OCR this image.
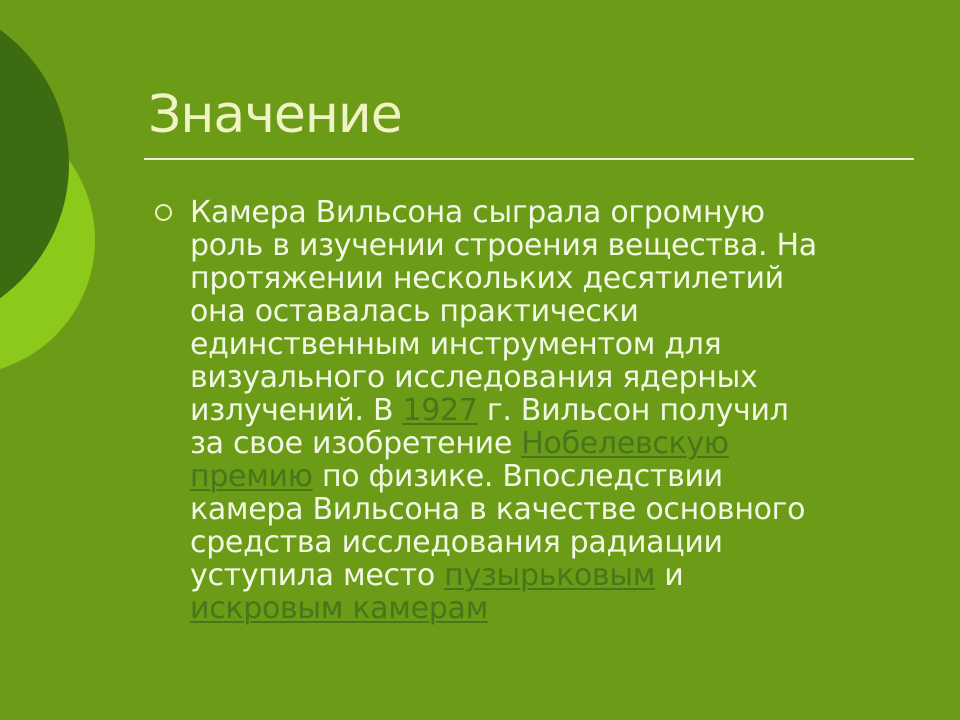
Значение
Камера Вильсона сыграла огромную
роль в изучении строения вещества. На
протяжении нескольких десятилетий
она оставалась практически
единственным инструментом для
визуального исследования ядерных
излучений. В 1927 г. Вильсон получил
за свое изобретение Нобелевскую
премию по физике. Впоследствии
камера Вильсона в качестве основного
средства исследования радиации
уступила место пузырьковым и
искровым камерам
